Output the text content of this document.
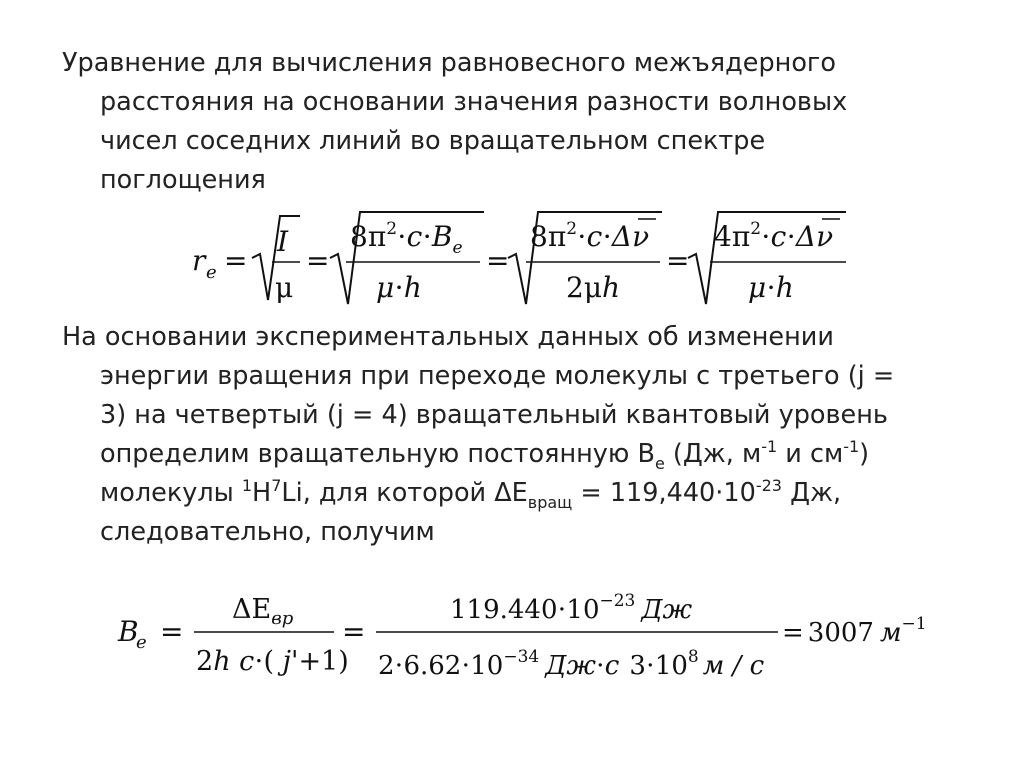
Уравнение для вычисления равновесного межъядерного
расстояния на основании значения разности волновых
чисел соседних линий во вращательном спектре
поглощения
r e =
I
μ
=
$8\pi^2\cdot c\cdot B_e$
μ⋅h
=
$8\pi^2\cdot c\cdot\Delta\nu$
2μh
=
$4\pi^2\cdot c\cdot\Delta\nu$
μ⋅h
На основании экспериментальных данных об изменении
энергии вращения при переходе молекулы с третьего (j =
3) на четвертый (j = 4) вращательный квантовый уровень
определим вращательную постоянную $B_e$ (Дж, $м^{-1}$ и $см^{-1}$)
молекулы $^1H^7Li$, для которой $\Delta E_{вращ} = 119,440\cdot 10^{-23}$ Дж,
следовательно, получим
B
e =
$\Delta E_{вр}$
2h c⋅( j'+1)
=
$119.440\cdot 10^{-23}$ Дж
$2\cdot 6.62\cdot 10^{-34}$ Дж⋅с $3\cdot 10^8$ м / с
= 3007 $м^{-1}$
